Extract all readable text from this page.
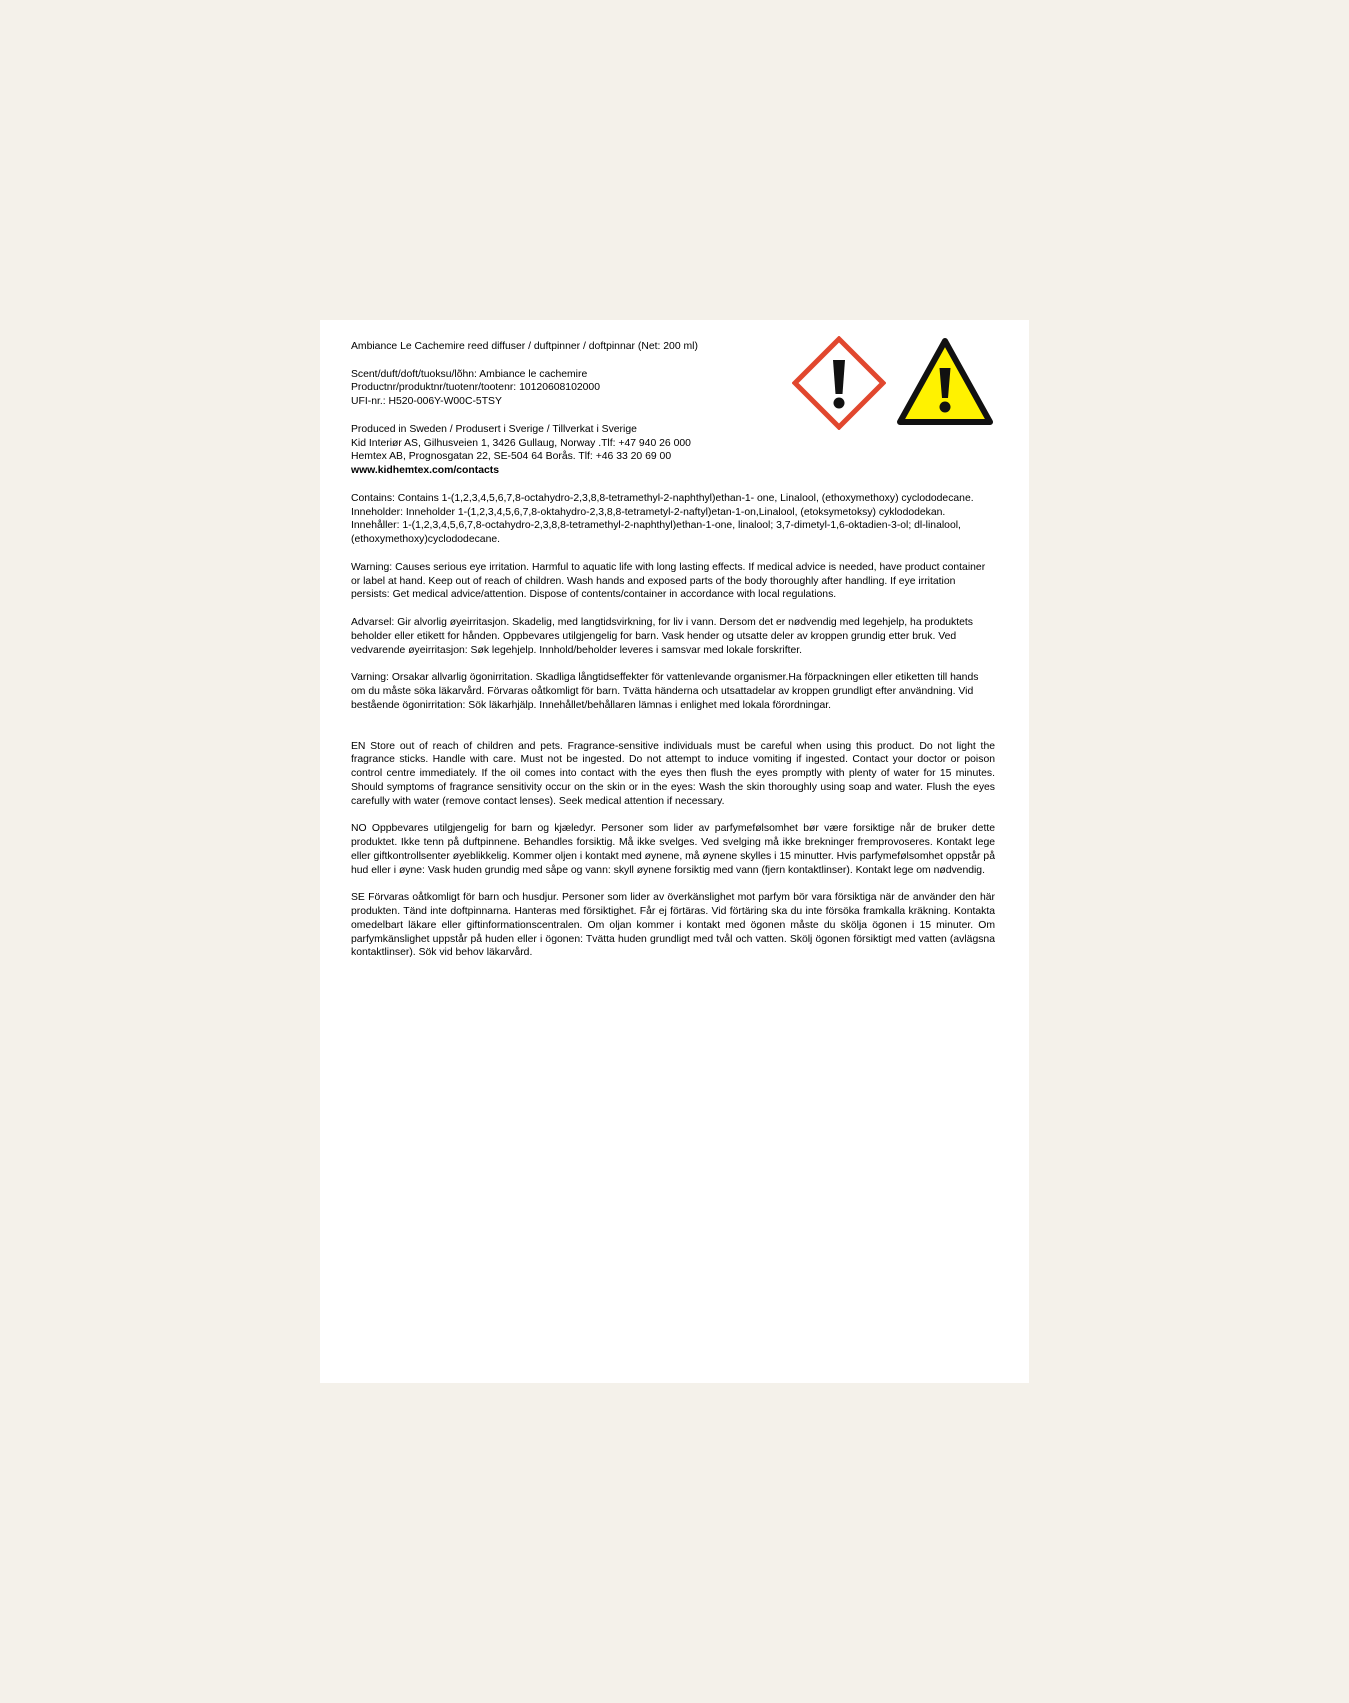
Ambiance Le Cachemire reed diffuser / duftpinner / doftpinnar (Net: 200 ml)

Scent/duft/doft/tuoksu/lõhn: Ambiance le cachemire

Productnr/produktnr/tuotenr/tootenr: 10120608102000

UFI-nr.: H520-006Y-W00C-5TSY

Produced in Sweden / Produsert i Sverige / Tillverkat i Sverige

Kid Interiør AS, Gilhusveien 1, 3426 Gullaug, Norway .Tlf: +47 940 26 000

Hemtex AB, Prognosgatan 22, SE-504 64 Borås. Tlf: +46 33 20 69 00

www.kidhemtex.com/contacts

Contains: Contains 1-(1,2,3,4,5,6,7,8-octahydro-2,3,8,8-tetramethyl-2-naphthyl)ethan-1- one, Linalool, (ethoxymethoxy) cyclododecane.

Inneholder: Inneholder 1-(1,2,3,4,5,6,7,8-oktahydro-2,3,8,8-tetrametyl-2-naftyl)etan-1-on,Linalool, (etoksymetoksy) cyklododekan.

Innehåller: 1-(1,2,3,4,5,6,7,8-octahydro-2,3,8,8-tetramethyl-2-naphthyl)ethan-1-one, linalool; 3,7-dimetyl-1,6-oktadien-3-ol; dl-linalool, (ethoxymethoxy)cyclododecane.

Warning: Causes serious eye irritation. Harmful to aquatic life with long lasting effects. If medical advice is needed, have product container or label at hand. Keep out of reach of children. Wash hands and exposed parts of the body thoroughly after handling. If eye irritation persists: Get medical advice/attention. Dispose of contents/container in accordance with local regulations.

Advarsel: Gir alvorlig øyeirritasjon. Skadelig, med langtidsvirkning, for liv i vann. Dersom det er nødvendig med legehjelp, ha produktets beholder eller etikett for hånden. Oppbevares utilgjengelig for barn. Vask hender og utsatte deler av kroppen grundig etter bruk. Ved vedvarende øyeirritasjon: Søk legehjelp. Innhold/beholder leveres i samsvar med lokale forskrifter.

Varning: Orsakar allvarlig ögonirritation. Skadliga långtidseffekter för vattenlevande organismer.Ha förpackningen eller etiketten till hands om du måste söka läkarvård. Förvaras oåtkomligt för barn. Tvätta händerna och utsattadelar av kroppen grundligt efter användning. Vid bestående ögonirritation: Sök läkarhjälp. Innehållet/behållaren lämnas i enlighet med lokala förordningar.

EN Store out of reach of children and pets. Fragrance-sensitive individuals must be careful when using this product. Do not light the fragrance sticks. Handle with care. Must not be ingested. Do not attempt to induce vomiting if ingested. Contact your doctor or poison control centre immediately. If the oil comes into contact with the eyes then flush the eyes promptly with plenty of water for 15 minutes. Should symptoms of fragrance sensitivity occur on the skin or in the eyes: Wash the skin thoroughly using soap and water. Flush the eyes carefully with water (remove contact lenses). Seek medical attention if necessary.

NO Oppbevares utilgjengelig for barn og kjæledyr. Personer som lider av parfymefølsomhet bør være forsiktige når de bruker dette produktet. Ikke tenn på duftpinnene. Behandles forsiktig. Må ikke svelges. Ved svelging må ikke brekninger fremprovoseres. Kontakt lege eller giftkontrollsenter øyeblikkelig. Kommer oljen i kontakt med øynene, må øynene skylles i 15 minutter. Hvis parfymefølsomhet oppstår på hud eller i øyne: Vask huden grundig med såpe og vann: skyll øynene forsiktig med vann (fjern kontaktlinser). Kontakt lege om nødvendig.

SE Förvaras oåtkomligt för barn och husdjur. Personer som lider av överkänslighet mot parfym bör vara försiktiga när de använder den här produkten. Tänd inte doftpinnarna. Hanteras med försiktighet. Får ej förtäras. Vid förtäring ska du inte försöka framkalla kräkning. Kontakta omedelbart läkare eller giftinformationscentralen. Om oljan kommer i kontakt med ögonen måste du skölja ögonen i 15 minuter. Om parfymkänslighet uppstår på huden eller i ögonen: Tvätta huden grundligt med tvål och vatten. Skölj ögonen försiktigt med vatten (avlägsna kontaktlinser). Sök vid behov läkarvård.
